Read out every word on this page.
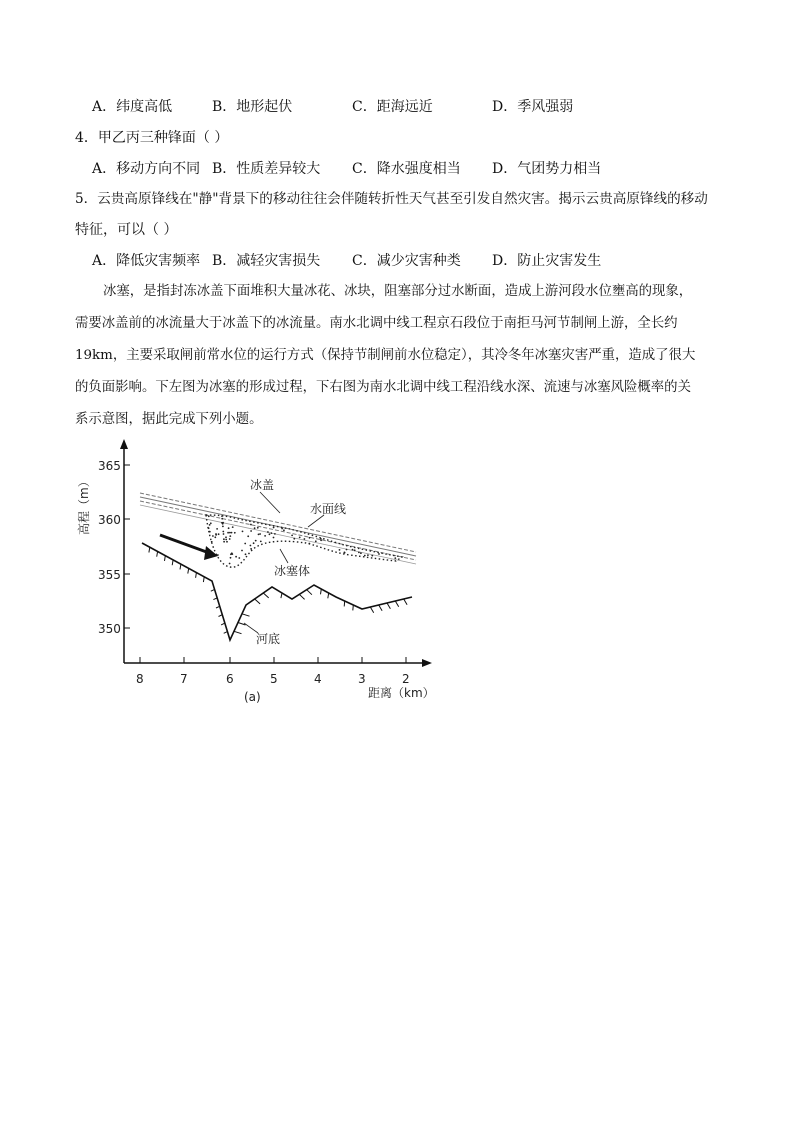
A．纬度高低	B．地形起伏	C．距海远近	D．季风强弱
4．甲乙丙三种锋面（ ）
A．移动方向不同 B．性质差异较大 C．降水强度相当 D．气团势力相当
5．云贵高原锋线在"静"背景下的移动往往会伴随转折性天气甚至引发自然灾害。揭示云贵高原锋线的移动
特征，可以（ ）
A．降低灾害频率 B．减轻灾害损失 C．减少灾害种类 D．防止灾害发生
冰塞，是指封冻冰盖下面堆积大量冰花、冰块，阻塞部分过水断面，造成上游河段水位壅高的现象，
需要冰盖前的冰流量大于冰盖下的冰流量。南水北调中线工程京石段位于南拒马河节制闸上游，全长约
19km，主要采取闸前常水位的运行方式（保持节制闸前水位稳定），其冷冬年冰塞灾害严重，造成了很大
的负面影响。下左图为冰塞的形成过程，下右图为南水北调中线工程沿线水深、流速与冰塞风险概率的关
系示意图，据此完成下列小题。
365
360
355
350
高程（m）
8	7	6	5	4	3	2
距离（km）
(a)
冰盖
水面线
冰塞体
河底
